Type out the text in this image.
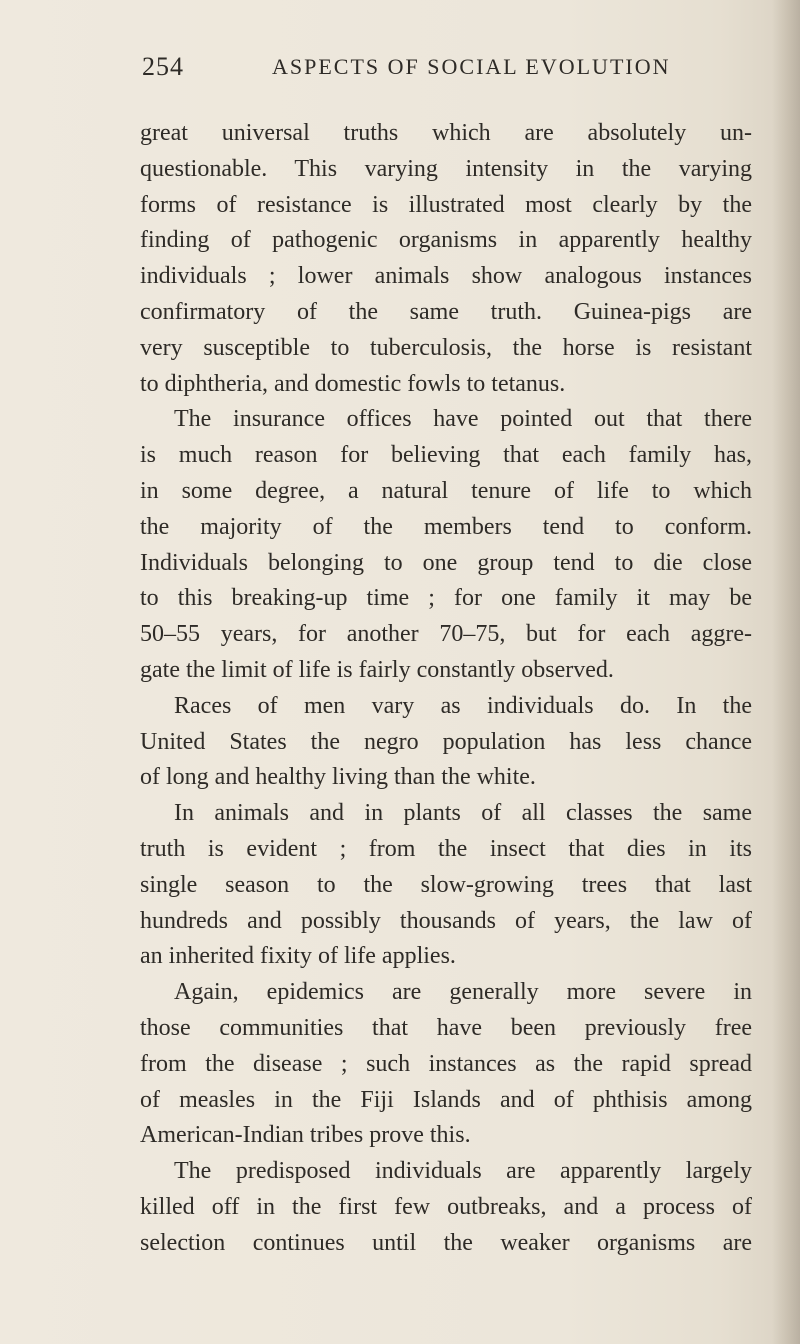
254	ASPECTS OF SOCIAL EVOLUTION
great universal truths which are absolutely un-
questionable. This varying intensity in the varying
forms of resistance is illustrated most clearly by the
finding of pathogenic organisms in apparently healthy
individuals ; lower animals show analogous instances
confirmatory of the same truth. Guinea-pigs are
very susceptible to tuberculosis, the horse is resistant
to diphtheria, and domestic fowls to tetanus.
The insurance offices have pointed out that there
is much reason for believing that each family has,
in some degree, a natural tenure of life to which
the majority of the members tend to conform.
Individuals belonging to one group tend to die close
to this breaking-up time ; for one family it may be
50–55 years, for another 70–75, but for each aggre-
gate the limit of life is fairly constantly observed.
Races of men vary as individuals do. In the
United States the negro population has less chance
of long and healthy living than the white.
In animals and in plants of all classes the same
truth is evident ; from the insect that dies in its
single season to the slow-growing trees that last
hundreds and possibly thousands of years, the law of
an inherited fixity of life applies.
Again, epidemics are generally more severe in
those communities that have been previously free
from the disease ; such instances as the rapid spread
of measles in the Fiji Islands and of phthisis among
American-Indian tribes prove this.
The predisposed individuals are apparently largely
killed off in the first few outbreaks, and a process of
selection continues until the weaker organisms are
